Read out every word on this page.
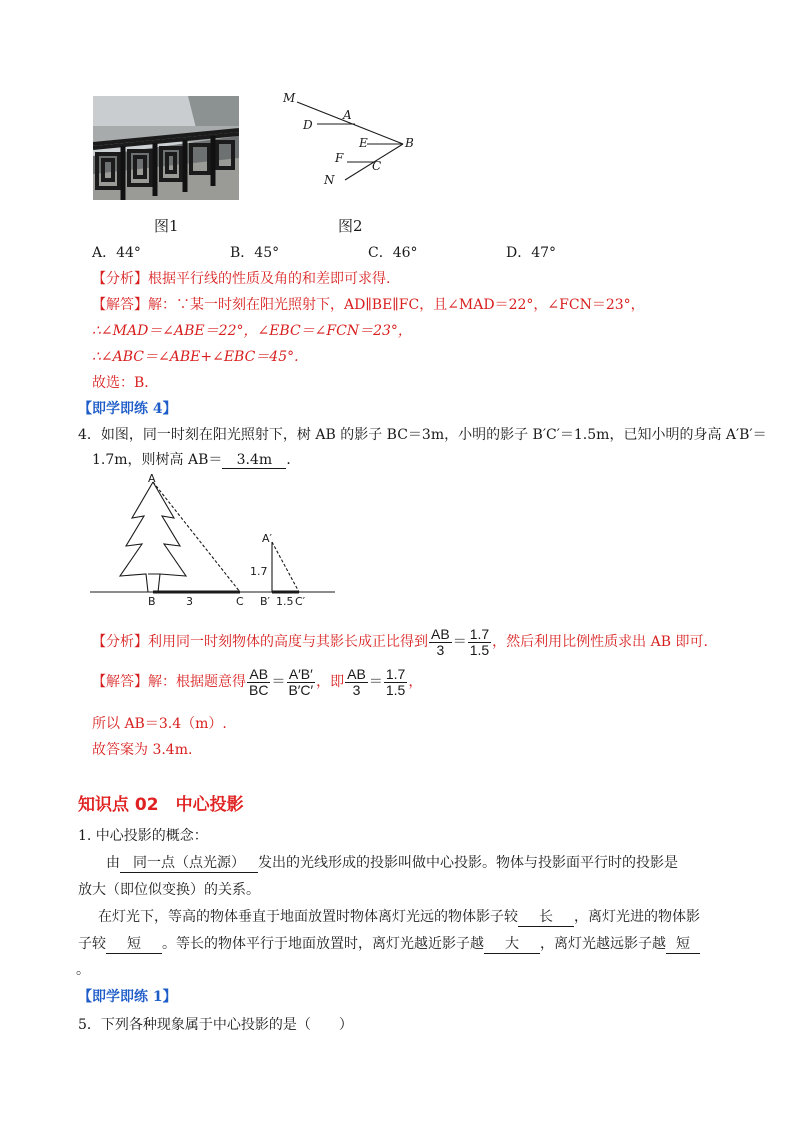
图1
M
D
A
E	B
F
C
N
图2
A．44°	B．45°	C．46°	D．47°
【分析】根据平行线的性质及角的和差即可求得.
【解答】解：∵某一时刻在阳光照射下，AD∥BE∥FC，且∠MAD＝22°，∠FCN＝23°，
∴∠MAD＝∠ABE＝22°，∠EBC＝∠FCN＝23°，
∴∠ABC＝∠ABE+∠EBC＝45°.
故选：B．
【即学即练 4】
4．如图，同一时刻在阳光照射下，树 AB 的影子 BC＝3m，小明的影子 B′C′＝1.5m，已知小明的身高 A′B′＝
1.7m，则树高 AB＝ 3.4m ．
A
B	C
3
A′
1.7
B′ 1.5 C′
【分析】利用同一时刻物体的高度与其影长成正比得到 $\frac{AB}{3} = \frac{1.7}{1.5}$ ，然后利用比例性质求出 AB 即可.
【解答】解：根据题意得 $\frac{AB}{BC} = \frac{A'B'}{B'C'}$ ，即 $\frac{AB}{3} = \frac{1.7}{1.5}$ ，
所以 AB＝3.4（m）.
故答案为 3.4m.
知识点 02　中心投影
1. 中心投影的概念：
由 同一点（点光源） 发出的光线形成的投影叫做中心投影。物体与投影面平行时的投影是
放大（即位似变换）的关系。
在灯光下，等高的物体垂直于地面放置时物体离灯光远的物体影子较 长 ，离灯光进的物体影
子较 短 。等长的物体平行于地面放置时，离灯光越近影子越 大 ，离灯光越远影子越 短
。
【即学即练 1】
5．下列各种现象属于中心投影的是（　　）
